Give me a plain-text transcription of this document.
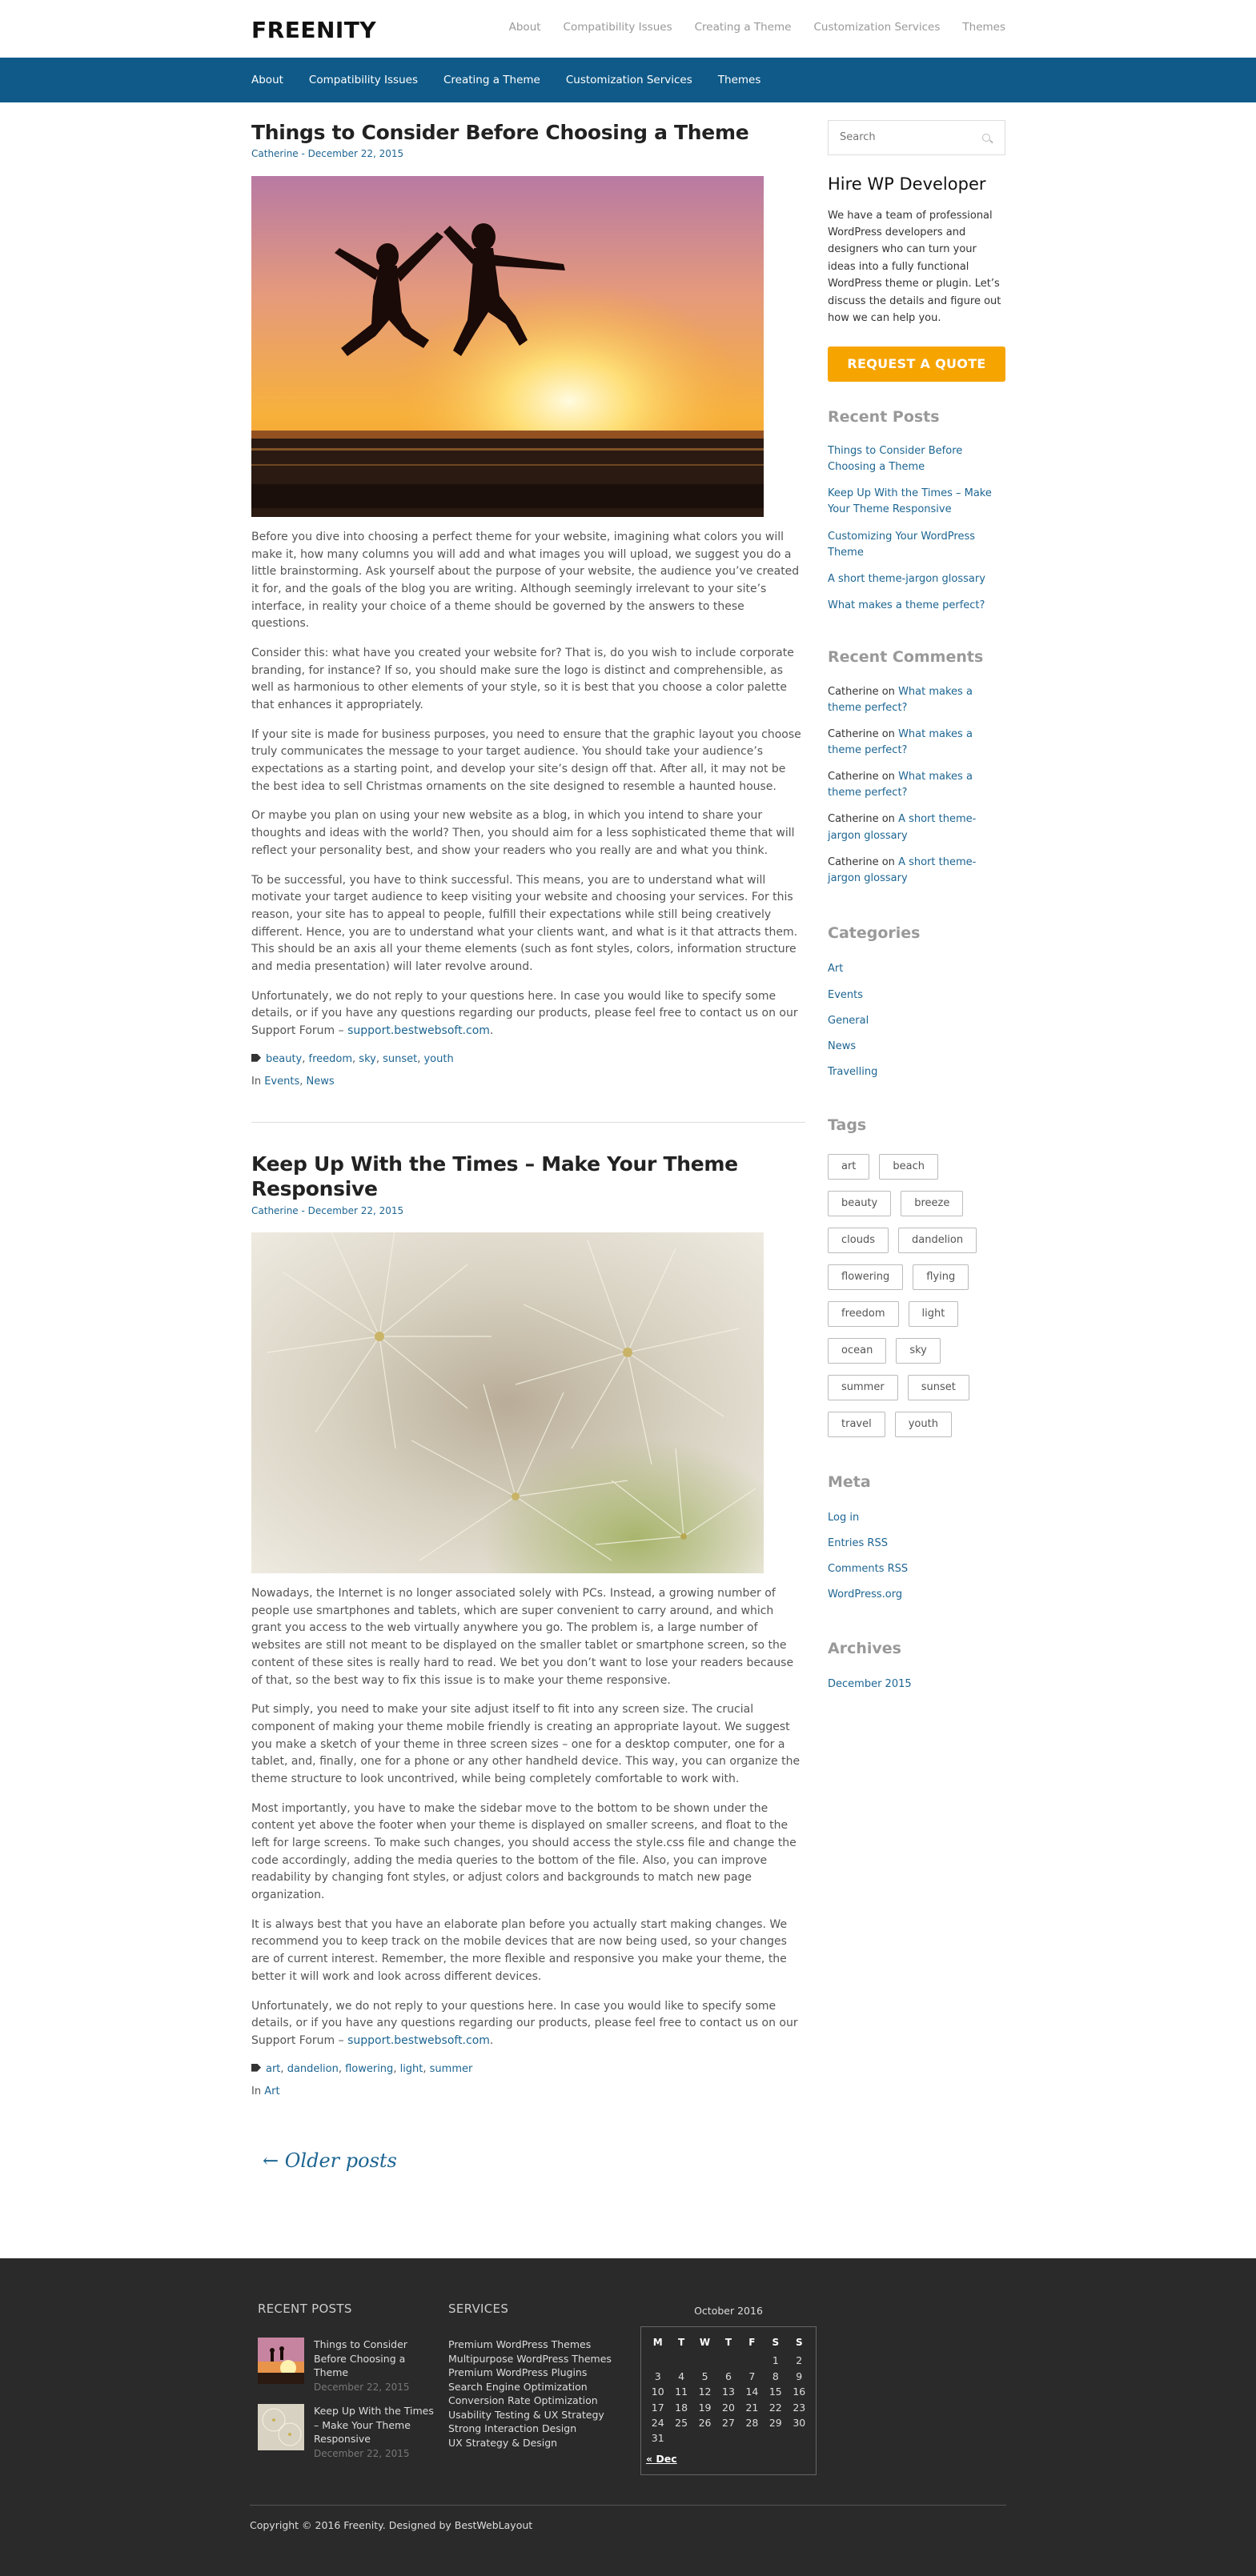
FREENITY	About Compatibility Issues Creating a Theme Customization Services Themes
About Compatibility Issues Creating a Theme Customization Services Themes
Things to Consider Before Choosing a Theme
Catherine - December 22, 2015

Before you dive into choosing a perfect theme for your website, imagining what colors you will make it, how many columns you will add and what images you will upload, we suggest you do a little brainstorming. Ask yourself about the purpose of your website, the audience you’ve created it for, and the goals of the blog you are writing. Although seemingly irrelevant to your site’s interface, in reality your choice of a theme should be governed by the answers to these questions.

Consider this: what have you created your website for? That is, do you wish to include corporate branding, for instance? If so, you should make sure the logo is distinct and comprehensible, as well as harmonious to other elements of your style, so it is best that you choose a color palette that enhances it appropriately.

If your site is made for business purposes, you need to ensure that the graphic layout you choose truly communicates the message to your target audience. You should take your audience’s expectations as a starting point, and develop your site’s design off that. After all, it may not be the best idea to sell Christmas ornaments on the site designed to resemble a haunted house.

Or maybe you plan on using your new website as a blog, in which you intend to share your thoughts and ideas with the world? Then, you should aim for a less sophisticated theme that will reflect your personality best, and show your readers who you really are and what you think.

To be successful, you have to think successful. This means, you are to understand what will motivate your target audience to keep visiting your website and choosing your services. For this reason, your site has to appeal to people, fulfill their expectations while still being creatively different. Hence, you are to understand what your clients want, and what is it that attracts them. This should be an axis all your theme elements (such as font styles, colors, information structure and media presentation) will later revolve around.

Unfortunately, we do not reply to your questions here. In case you would like to specify some details, or if you have any questions regarding our products, please feel free to contact us on our Support Forum – support.bestwebsoft.com.

beauty, freedom, sky, sunset, youth
In Events, News
Keep Up With the Times – Make Your Theme Responsive
Catherine - December 22, 2015

Nowadays, the Internet is no longer associated solely with PCs. Instead, a growing number of people use smartphones and tablets, which are super convenient to carry around, and which grant you access to the web virtually anywhere you go. The problem is, a large number of websites are still not meant to be displayed on the smaller tablet or smartphone screen, so the content of these sites is really hard to read. We bet you don’t want to lose your readers because of that, so the best way to fix this issue is to make your theme responsive.

Put simply, you need to make your site adjust itself to fit into any screen size. The crucial component of making your theme mobile friendly is creating an appropriate layout. We suggest you make a sketch of your theme in three screen sizes – one for a desktop computer, one for a tablet, and, finally, one for a phone or any other handheld device. This way, you can organize the theme structure to look uncontrived, while being completely comfortable to work with.

Most importantly, you have to make the sidebar move to the bottom to be shown under the content yet above the footer when your theme is displayed on smaller screens, and float to the left for large screens. To make such changes, you should access the style.css file and change the code accordingly, adding the media queries to the bottom of the file. Also, you can improve readability by changing font styles, or adjust colors and backgrounds to match new page organization.

It is always best that you have an elaborate plan before you actually start making changes. We recommend you to keep track on the mobile devices that are now being used, so your changes are of current interest. Remember, the more flexible and responsive you make your theme, the better it will work and look across different devices.

Unfortunately, we do not reply to your questions here. In case you would like to specify some details, or if you have any questions regarding our products, please feel free to contact us on our Support Forum – support.bestwebsoft.com.

art, dandelion, flowering, light, summer
In Art
← Older posts
Search
Hire WP Developer
We have a team of professional WordPress developers and designers who can turn your ideas into a fully functional WordPress theme or plugin. Let’s discuss the details and figure out how we can help you.
REQUEST A QUOTE
Recent Posts
Things to Consider Before Choosing a Theme
Keep Up With the Times – Make Your Theme Responsive
Customizing Your WordPress Theme
A short theme-jargon glossary
What makes a theme perfect?
Recent Comments
Catherine on What makes a theme perfect?
Catherine on What makes a theme perfect?
Catherine on What makes a theme perfect?
Catherine on A short theme-jargon glossary
Catherine on A short theme-jargon glossary
Categories
Art
Events
General
News
Travelling
Tags
art	beach
beauty	breeze
clouds	dandelion
flowering	flying
freedom	light
ocean	sky
summer	sunset
travel	youth
Meta
Log in
Entries RSS
Comments RSS
WordPress.org
Archives
December 2015
RECENT POSTS
Things to Consider Before Choosing a Theme
December 22, 2015
Keep Up With the Times – Make Your Theme Responsive
December 22, 2015
SERVICES
Premium WordPress Themes
Multipurpose WordPress Themes
Premium WordPress Plugins
Search Engine Optimization
Conversion Rate Optimization
Usability Testing & UX Strategy
Strong Interaction Design
UX Strategy & Design
October 2016
M	T	W	T	F	S	S
					1	2
3	4	5	6	7	8	9
10	11	12	13	14	15	16
17	18	19	20	21	22	23
24	25	26	27	28	29	30
31						
« Dec
Copyright © 2016 Freenity. Designed by BestWebLayout
